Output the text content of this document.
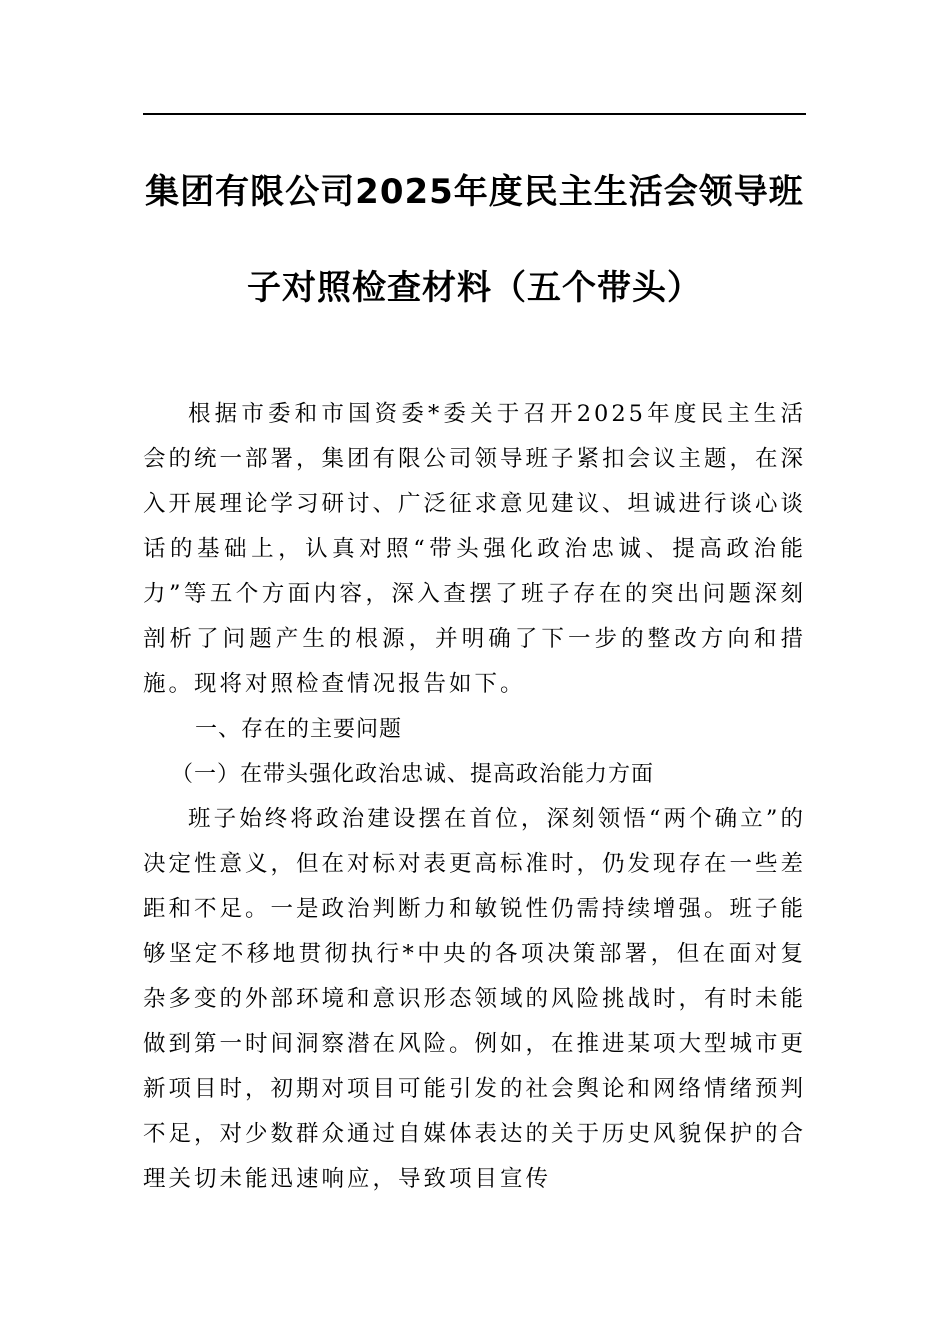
集团有限公司2025年度民主生活会领导班
子对照检查材料（五个带头）

根据市委和市国资委*委关于召开2025年度民主生活会的统一部署，集团有限公司领导班子紧扣会议主题，在深入开展理论学习研讨、广泛征求意见建议、坦诚进行谈心谈话的基础上，认真对照“带头强化政治忠诚、提高政治能力”等五个方面内容，深入查摆了班子存在的突出问题深刻剖析了问题产生的根源，并明确了下一步的整改方向和措施。现将对照检查情况报告如下。

一、存在的主要问题

（一）在带头强化政治忠诚、提高政治能力方面

班子始终将政治建设摆在首位，深刻领悟“两个确立”的决定性意义，但在对标对表更高标准时，仍发现存在一些差距和不足。一是政治判断力和敏锐性仍需持续增强。班子能够坚定不移地贯彻执行*中央的各项决策部署，但在面对复杂多变的外部环境和意识形态领域的风险挑战时，有时未能做到第一时间洞察潜在风险。例如，在推进某项大型城市更新项目时，初期对项目可能引发的社会舆论和网络情绪预判不足，对少数群众通过自媒体表达的关于历史风貌保护的合理关切未能迅速响应，导致项目宣传
